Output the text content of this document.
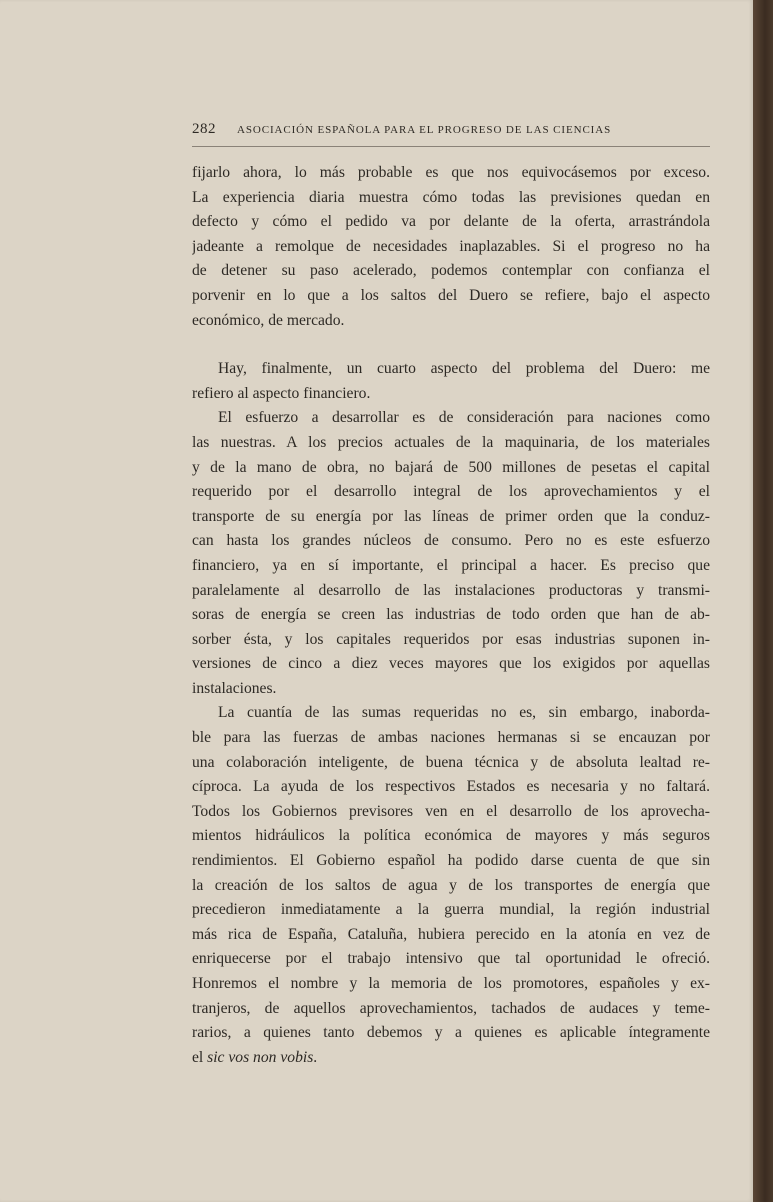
282 ASOCIACIÓN ESPAÑOLA PARA EL PROGRESO DE LAS CIENCIAS
fijarlo ahora, lo más probable es que nos equivocásemos por exceso.
La experiencia diaria muestra cómo todas las previsiones quedan en
defecto y cómo el pedido va por delante de la oferta, arrastrándola
jadeante a remolque de necesidades inaplazables. Si el progreso no ha
de detener su paso acelerado, podemos contemplar con confianza el
porvenir en lo que a los saltos del Duero se refiere, bajo el aspecto
económico, de mercado.
Hay, finalmente, un cuarto aspecto del problema del Duero: me
refiero al aspecto financiero.
El esfuerzo a desarrollar es de consideración para naciones como
las nuestras. A los precios actuales de la maquinaria, de los materiales
y de la mano de obra, no bajará de 500 millones de pesetas el capital
requerido por el desarrollo integral de los aprovechamientos y el
transporte de su energía por las líneas de primer orden que la conduz-
can hasta los grandes núcleos de consumo. Pero no es este esfuerzo
financiero, ya en sí importante, el principal a hacer. Es preciso que
paralelamente al desarrollo de las instalaciones productoras y transmi-
soras de energía se creen las industrias de todo orden que han de ab-
sorber ésta, y los capitales requeridos por esas industrias suponen in-
versiones de cinco a diez veces mayores que los exigidos por aquellas
instalaciones.
La cuantía de las sumas requeridas no es, sin embargo, inaborda-
ble para las fuerzas de ambas naciones hermanas si se encauzan por
una colaboración inteligente, de buena técnica y de absoluta lealtad re-
cíproca. La ayuda de los respectivos Estados es necesaria y no faltará.
Todos los Gobiernos previsores ven en el desarrollo de los aprovecha-
mientos hidráulicos la política económica de mayores y más seguros
rendimientos. El Gobierno español ha podido darse cuenta de que sin
la creación de los saltos de agua y de los transportes de energía que
precedieron inmediatamente a la guerra mundial, la región industrial
más rica de España, Cataluña, hubiera perecido en la atonía en vez de
enriquecerse por el trabajo intensivo que tal oportunidad le ofreció.
Honremos el nombre y la memoria de los promotores, españoles y ex-
tranjeros, de aquellos aprovechamientos, tachados de audaces y teme-
rarios, a quienes tanto debemos y a quienes es aplicable íntegramente
el sic vos non vobis.
